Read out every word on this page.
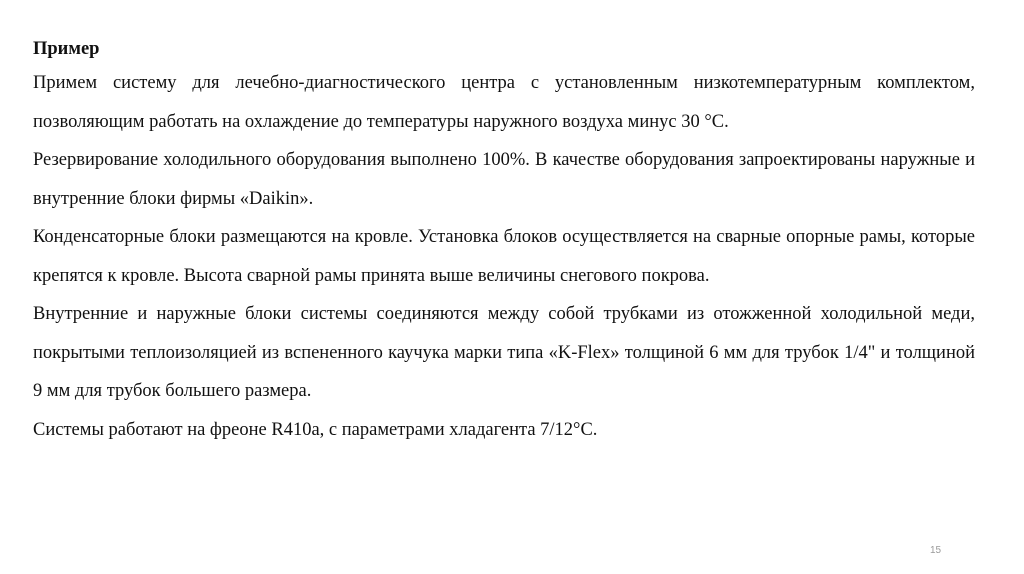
Пример

Примем систему для лечебно-диагностического центра с установленным низкотемпературным комплектом, позволяющим работать на охлаждение до температуры наружного воздуха минус 30 °С.

Резервирование холодильного оборудования выполнено 100%. В качестве оборудования запроектированы наружные и внутренние блоки фирмы «Daikin».

Конденсаторные блоки размещаются на кровле. Установка блоков осуществляется на сварные опорные рамы, которые крепятся к кровле. Высота сварной рамы принята выше величины снегового покрова.

Внутренние и наружные блоки системы соединяются между собой трубками из отожженной холодильной меди, покрытыми теплоизоляцией из вспененного каучука марки типа «K-Flex» толщиной 6 мм для трубок 1/4" и толщиной 9 мм для трубок большего размера.

Системы работают на фреоне R410a, с параметрами хладагента 7/12°С.

15
